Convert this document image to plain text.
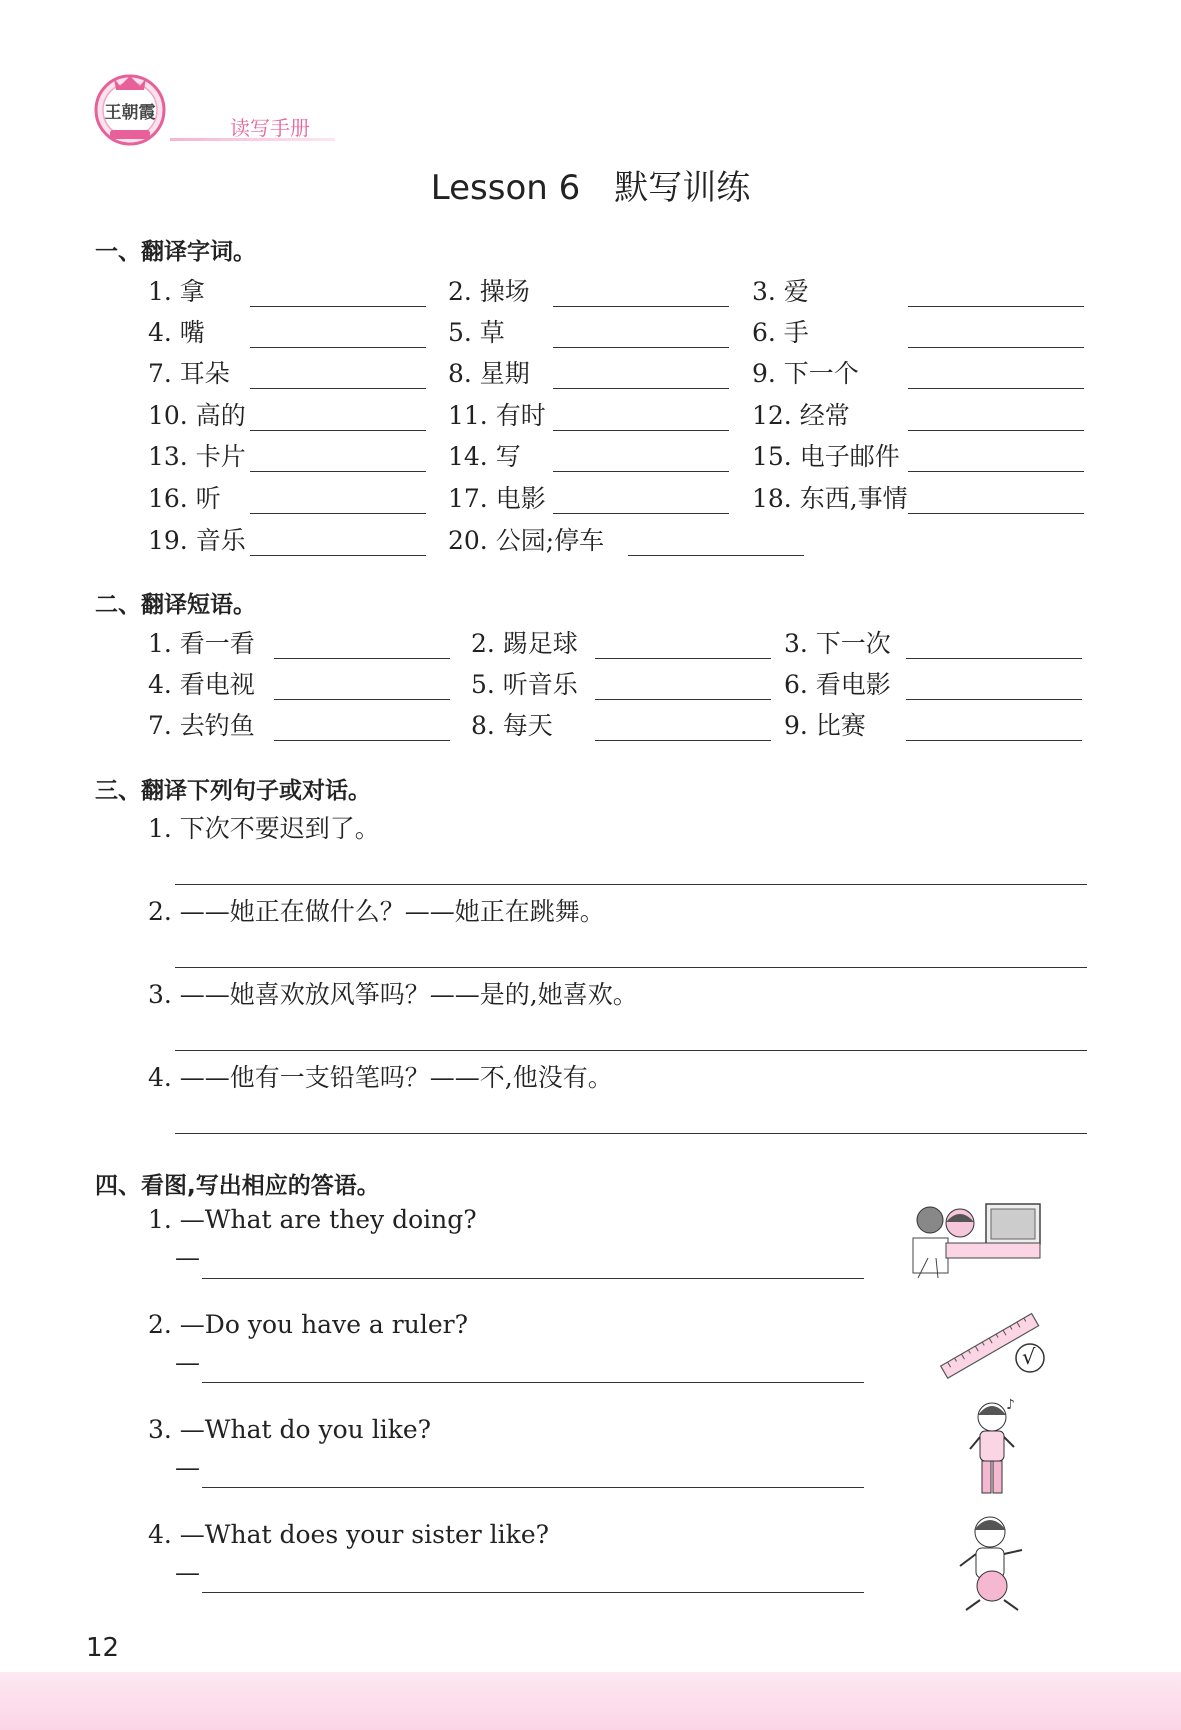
王朝霞
读写手册
Lesson 6　默写训练
一、翻译字词。
1. 拿	2. 操场	3. 爱
4. 嘴	5. 草	6. 手
7. 耳朵	8. 星期	9. 下一个
10. 高的	11. 有时	12. 经常
13. 卡片	14. 写	15. 电子邮件
16. 听	17. 电影	18. 东西,事情
19. 音乐	20. 公园;停车
二、翻译短语。
1. 看一看	2. 踢足球	3. 下一次
4. 看电视	5. 听音乐	6. 看电影
7. 去钓鱼	8. 每天	9. 比赛
三、翻译下列句子或对话。
1. 下次不要迟到了。
2. ——她正在做什么？——她正在跳舞。
3. ——她喜欢放风筝吗？——是的,她喜欢。
4. ——他有一支铅笔吗？——不,他没有。
四、看图,写出相应的答语。
1. —What are they doing?
—
2. —Do you have a ruler?
—
3. —What do you like?
—
4. —What does your sister like?
—
√
♪
12
